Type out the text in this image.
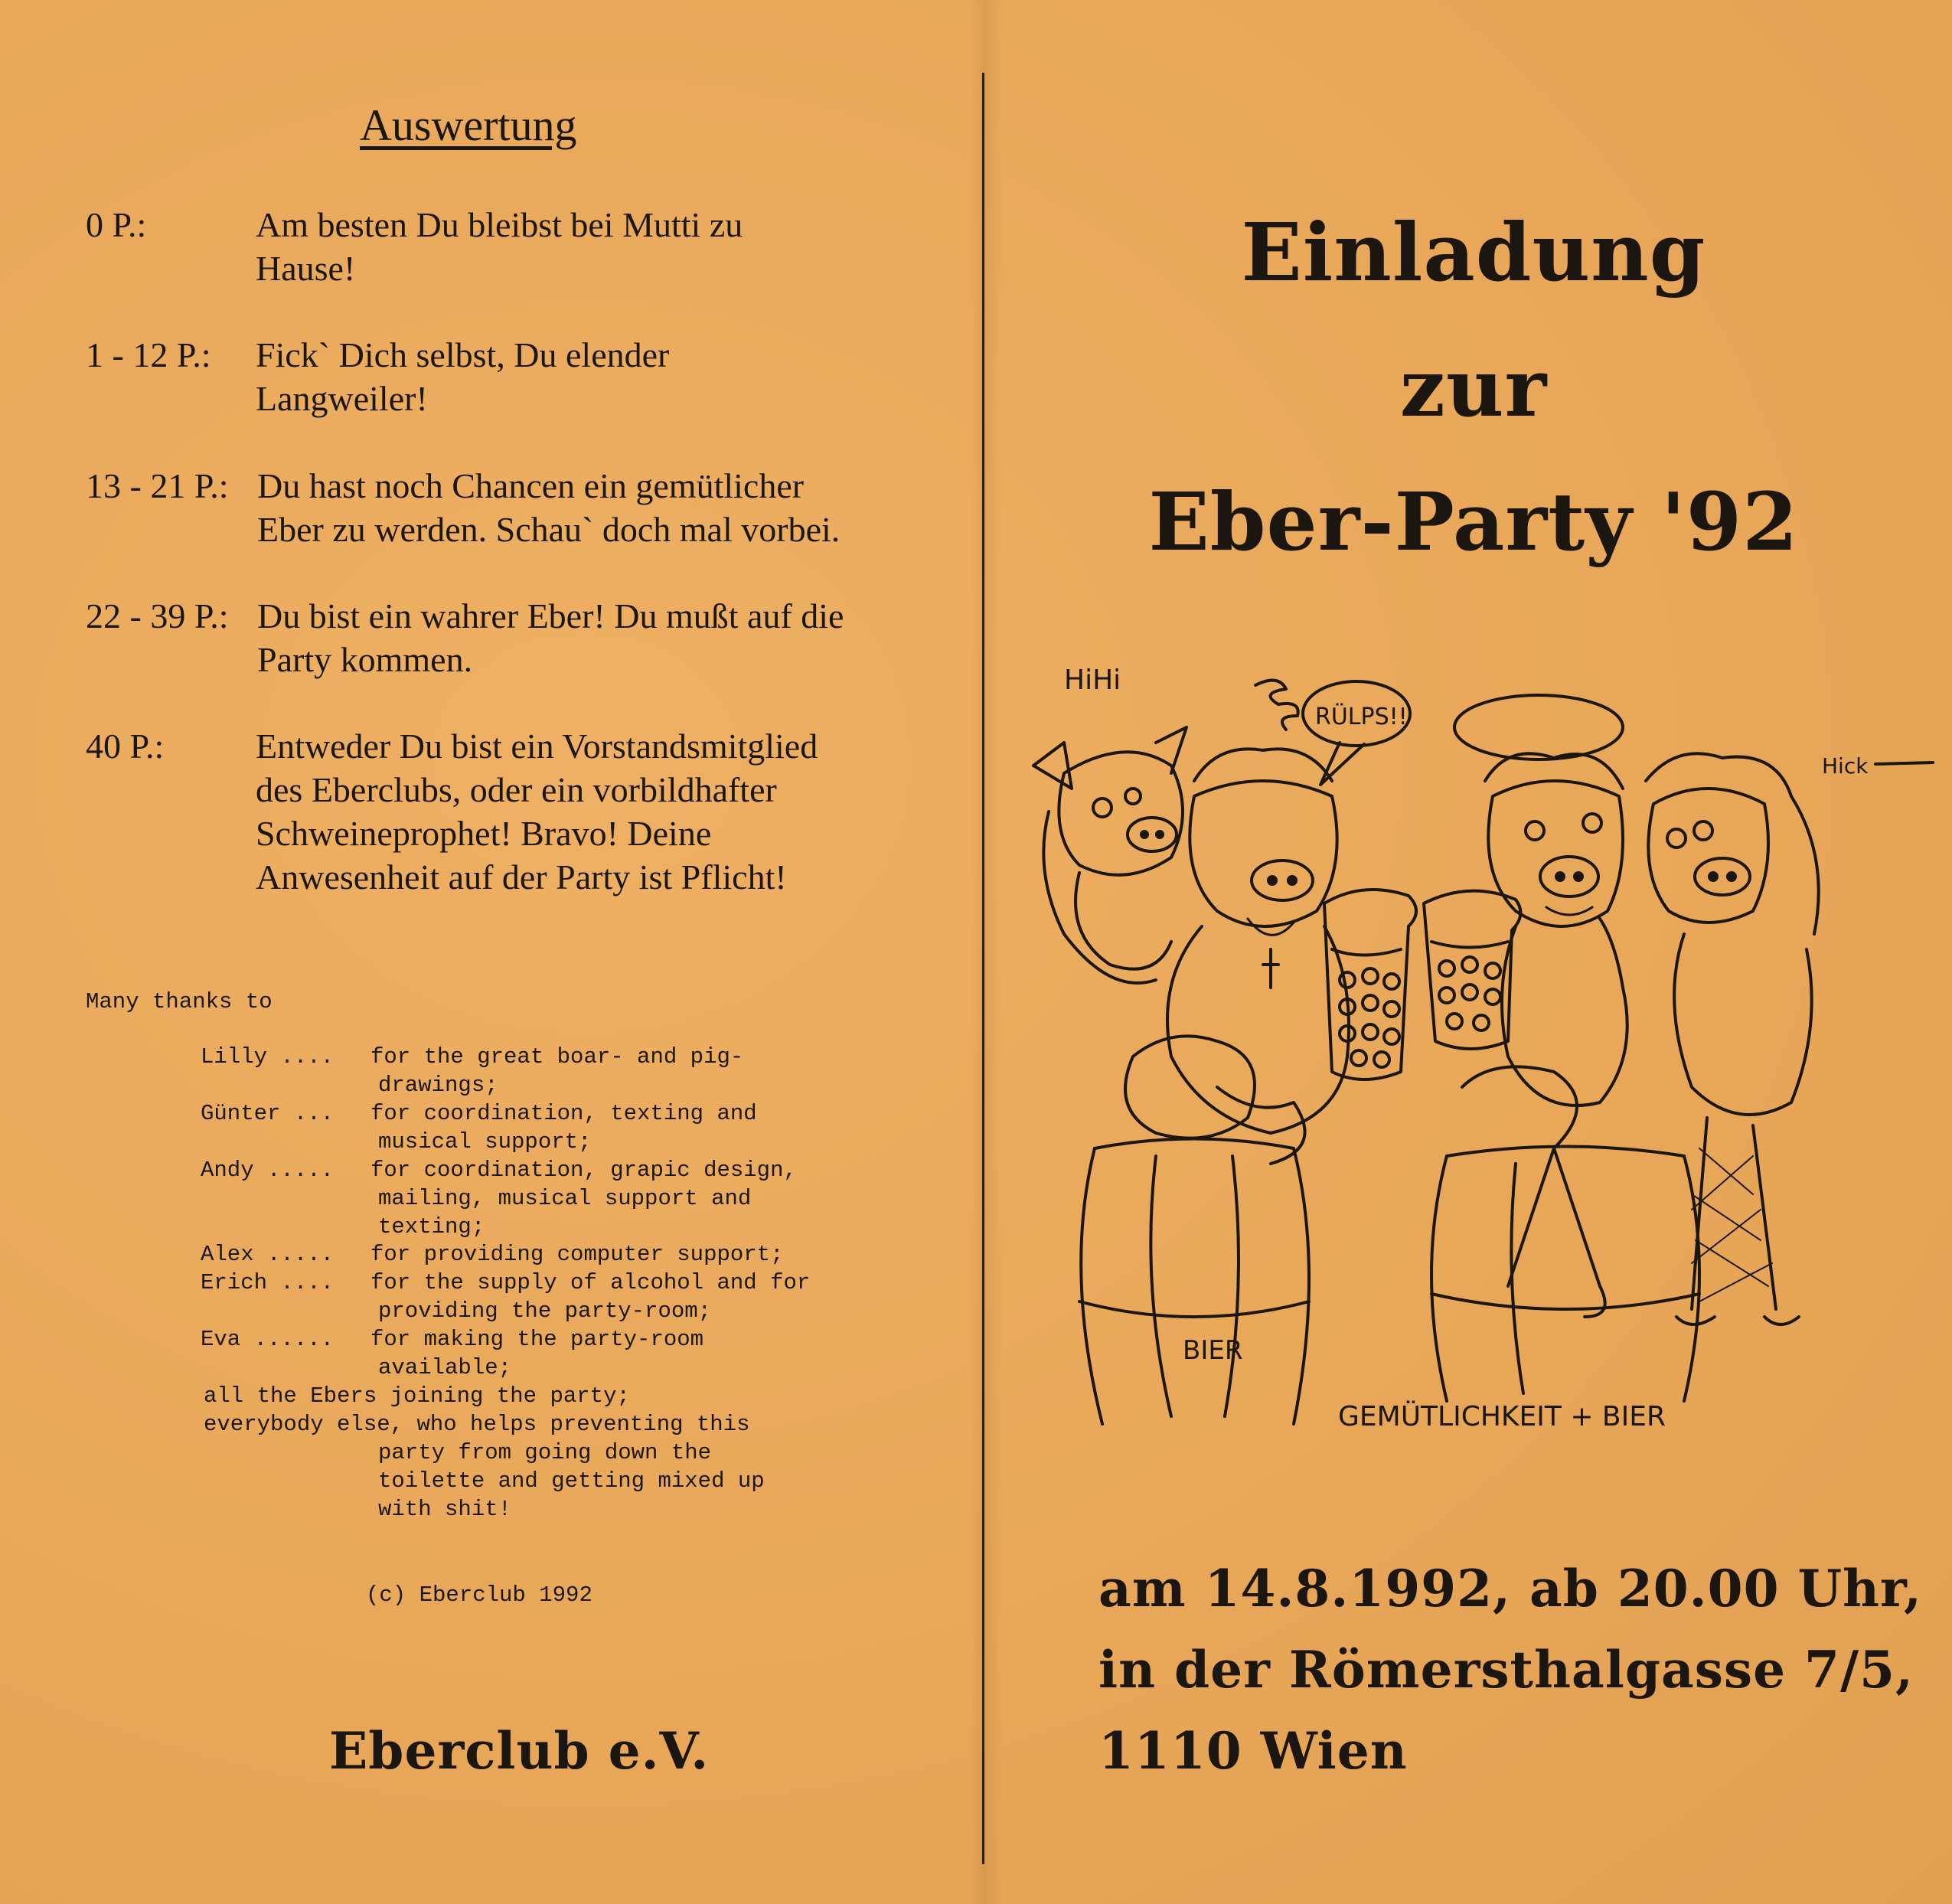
Auswertung
0 P.:	Am besten Du bleibst bei Mutti zu
Hause!
1 - 12 P.: Fick` Dich selbst, Du elender
Langweiler!
13 - 21 P.: Du hast noch Chancen ein gemütlicher
Eber zu werden. Schau` doch mal vorbei.
22 - 39 P.: Du bist ein wahrer Eber! Du mußt auf die
Party kommen.
40 P.:	Entweder Du bist ein Vorstandsmitglied
des Eberclubs, oder ein vorbildhafter
Schweineprophet! Bravo! Deine
Anwesenheit auf der Party ist Pflicht!
Many thanks to
Lilly .... for the great boar- and pig-
drawings;
Günter ... for coordination, texting and
musical support;
Andy ..... for coordination, grapic design,
mailing, musical support and
texting;
Alex ..... for providing computer support;
Erich .... for the supply of alcohol and for
providing the party-room;
Eva ...... for making the party-room
available;
all the Ebers joining the party;
everybody else, who helps preventing this
party from going down the
toilette and getting mixed up
with shit!
(c) Eberclub 1992
Eberclub e.V.
Einladung
zur
Eber-Party '92
HiHi
RÜLPS!!
Hick
BIER
GEMÜTLICHKEIT + BIER
am 14.8.1992, ab 20.00 Uhr,
in der Römersthalgasse 7/5,
1110 Wien
